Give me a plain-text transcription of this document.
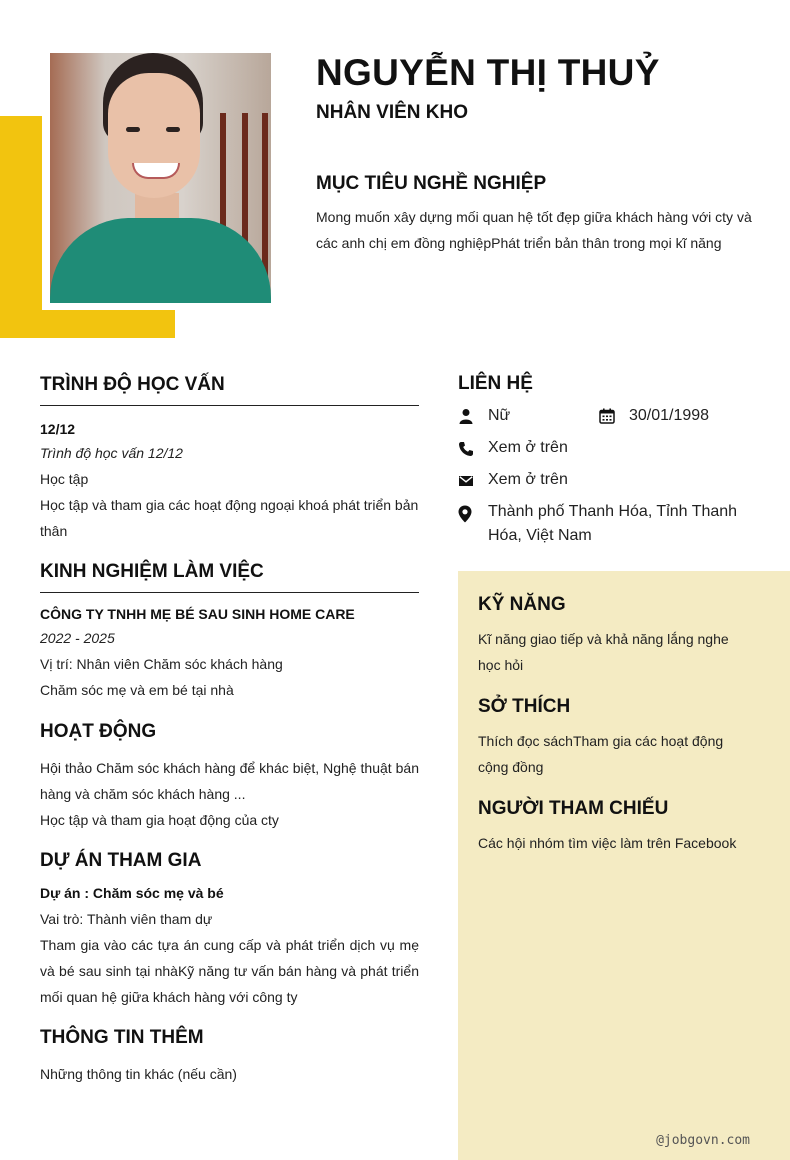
NGUYỄN THỊ THUỶ
NHÂN VIÊN KHO
MỤC TIÊU NGHỀ NGHIỆP

Mong muốn xây dựng mối quan hệ tốt đẹp giữa khách hàng với cty và các anh chị em đồng nghiệpPhát triển bản thân trong mọi kĩ năng

TRÌNH ĐỘ HỌC VẤN

12/12

Trình độ học vấn 12/12

Học tập

Học tập và tham gia các hoạt động ngoại khoá phát triển bản thân

KINH NGHIỆM LÀM VIỆC

CÔNG TY TNHH MẸ BÉ SAU SINH HOME CARE

2022 - 2025

Vị trí: Nhân viên Chăm sóc khách hàng

Chăm sóc mẹ và em bé tại nhà

HOẠT ĐỘNG

Hội thảo Chăm sóc khách hàng để khác biệt, Nghệ thuật bán hàng và chăm sóc khách hàng ...

Học tập và tham gia hoạt động của cty

DỰ ÁN THAM GIA

Dự án : Chăm sóc mẹ và bé

Vai trò: Thành viên tham dự

Tham gia vào các tựa án cung cấp và phát triển dịch vụ mẹ và bé sau sinh tại nhàKỹ năng tư vấn bán hàng và phát triển mối quan hệ giữa khách hàng với công ty

THÔNG TIN THÊM

Những thông tin khác (nếu cần)

LIÊN HỆ
Nữ	30/01/1998
Xem ở trên
Xem ở trên
Thành phố Thanh Hóa, Tỉnh Thanh Hóa, Việt Nam
KỸ NĂNG

Kĩ năng giao tiếp và khả năng lắng nghe học hỏi

SỞ THÍCH

Thích đọc sáchTham gia các hoạt động cộng đồng

NGƯỜI THAM CHIẾU

Các hội nhóm tìm việc làm trên Facebook

@jobgovn.com
